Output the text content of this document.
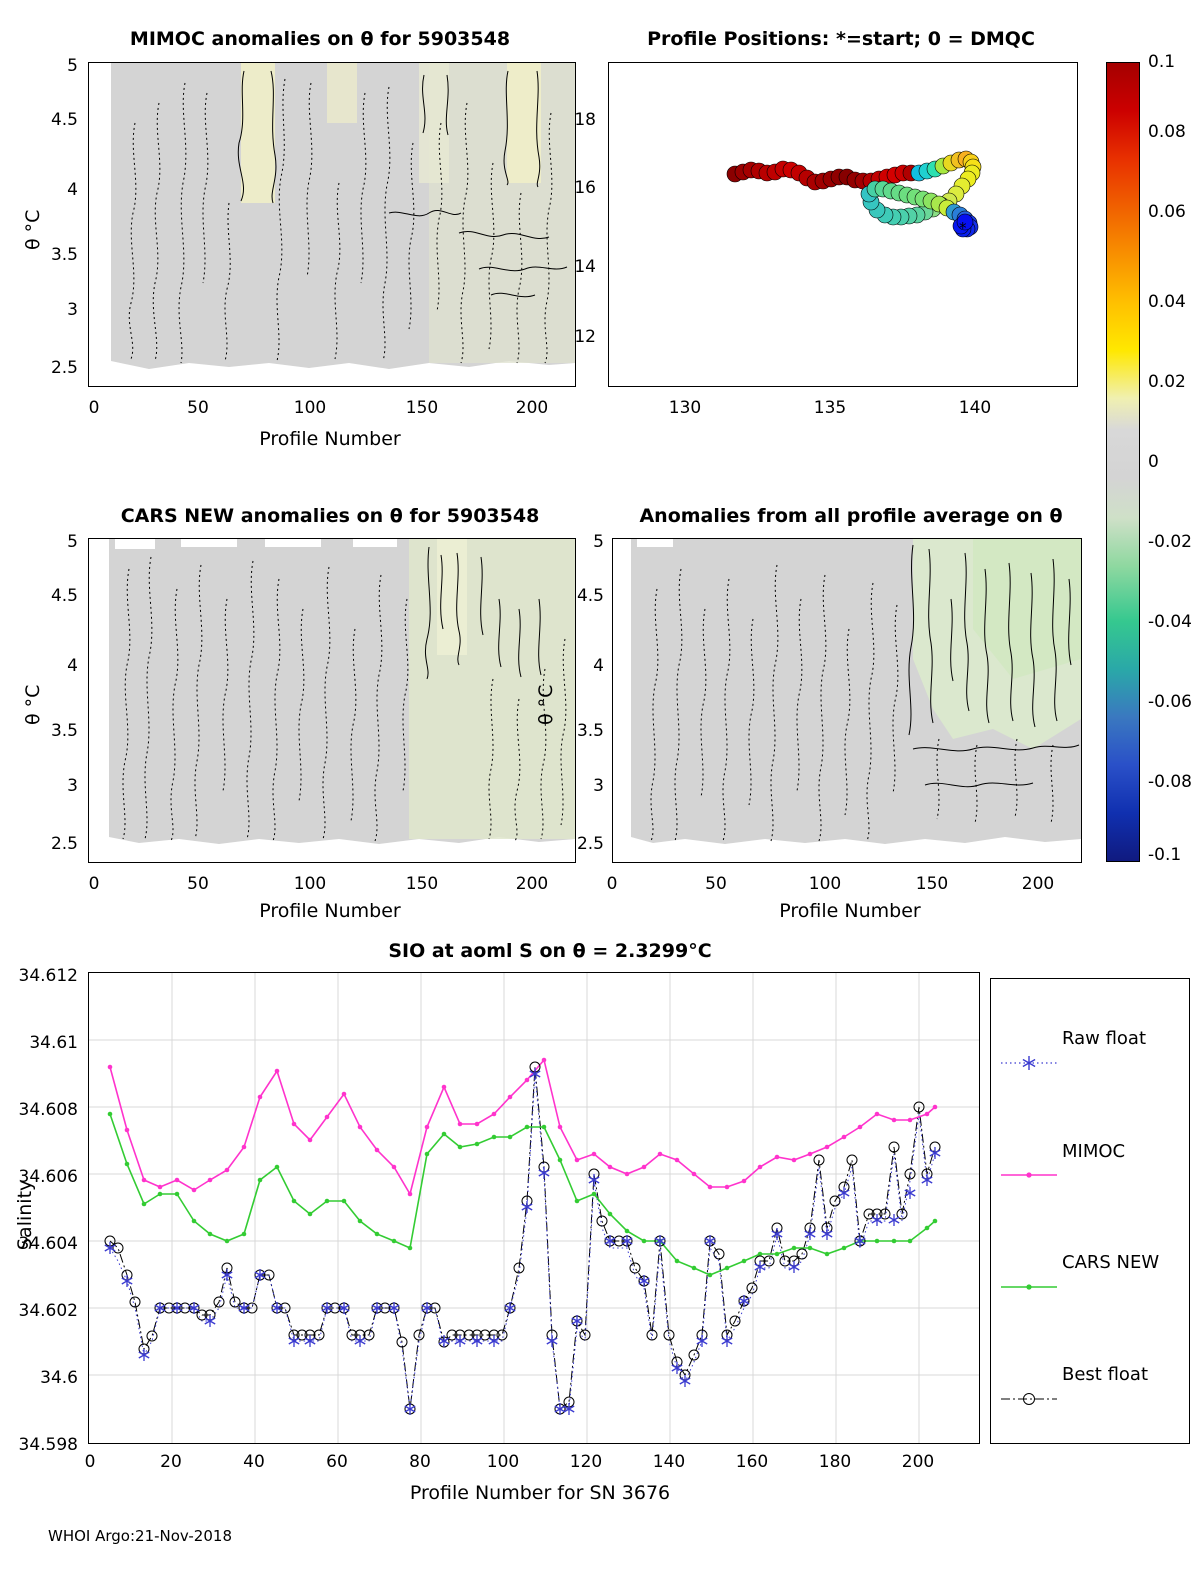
MIMOC anomalies on θ for 5903548
θ °C
5
4.5
4
3.5
3
2.5
0	50	100	150	200
Profile Number
Profile Positions: *=start; 0 = DMQC
*
18
16
14
12
130	135	140
0.1
0.08
0.06
0.04
0.02
0
-0.02
-0.04
-0.06
-0.08
-0.1
CARS NEW anomalies on θ for 5903548
θ °C
5
4.5
4
3.5
3
2.5
0	50	100	150	200
Profile Number
Anomalies from all profile average on θ
θ °C
5
4.5
4
3.5
3
2.5
0	50	100	150	200
Profile Number
SIO at aoml S on θ = 2.3299°C
Salinity
34.612
34.61
34.608
34.606
34.604
34.602
34.6
34.598
0	20	40	60	80	100	120	140	160	180	200
Profile Number for SN 3676
Raw float
MIMOC
CARS NEW
Best float
WHOI Argo:21-Nov-2018
